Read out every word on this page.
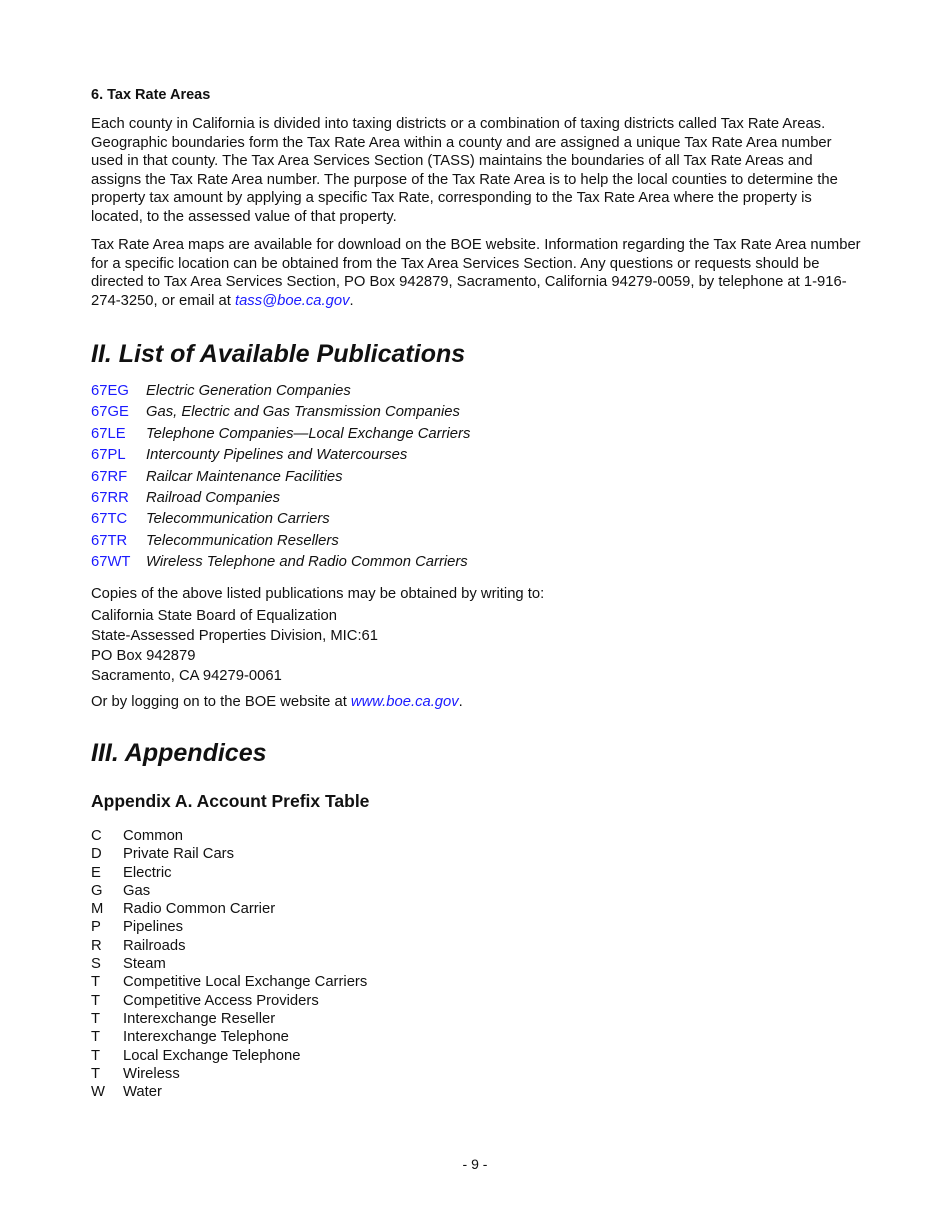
6. Tax Rate Areas

Each county in California is divided into taxing districts or a combination of taxing districts called Tax Rate Areas. Geographic boundaries form the Tax Rate Area within a county and are assigned a unique Tax Rate Area number used in that county. The Tax Area Services Section (TASS) maintains the boundaries of all Tax Rate Areas and assigns the Tax Rate Area number. The purpose of the Tax Rate Area is to help the local counties to determine the property tax amount by applying a specific Tax Rate, corresponding to the Tax Rate Area where the property is located, to the assessed value of that property.

Tax Rate Area maps are available for download on the BOE website. Information regarding the Tax Rate Area number for a specific location can be obtained from the Tax Area Services Section. Any questions or requests should be directed to Tax Area Services Section, PO Box 942879, Sacramento, California 94279-0059, by telephone at 1-916-274-3250, or email at tass@boe.ca.gov.

II. List of Available Publications
67EG Electric Generation Companies
67GE Gas, Electric and Gas Transmission Companies
67LE Telephone Companies—Local Exchange Carriers
67PL Intercounty Pipelines and Watercourses
67RF Railcar Maintenance Facilities
67RR Railroad Companies
67TC Telecommunication Carriers
67TR Telecommunication Resellers
67WT Wireless Telephone and Radio Common Carriers

Copies of the above listed publications may be obtained by writing to:

California State Board of Equalization
State-Assessed Properties Division, MIC:61
PO Box 942879
Sacramento, CA 94279-0061

Or by logging on to the BOE website at www.boe.ca.gov.

III. Appendices
Appendix A. Account Prefix Table
C Common
D Private Rail Cars
E Electric
G Gas
M Radio Common Carrier
P Pipelines
R Railroads
S Steam
T Competitive Local Exchange Carriers
T Competitive Access Providers
T Interexchange Reseller
T Interexchange Telephone
T Local Exchange Telephone
T Wireless
W Water
- 9 -
